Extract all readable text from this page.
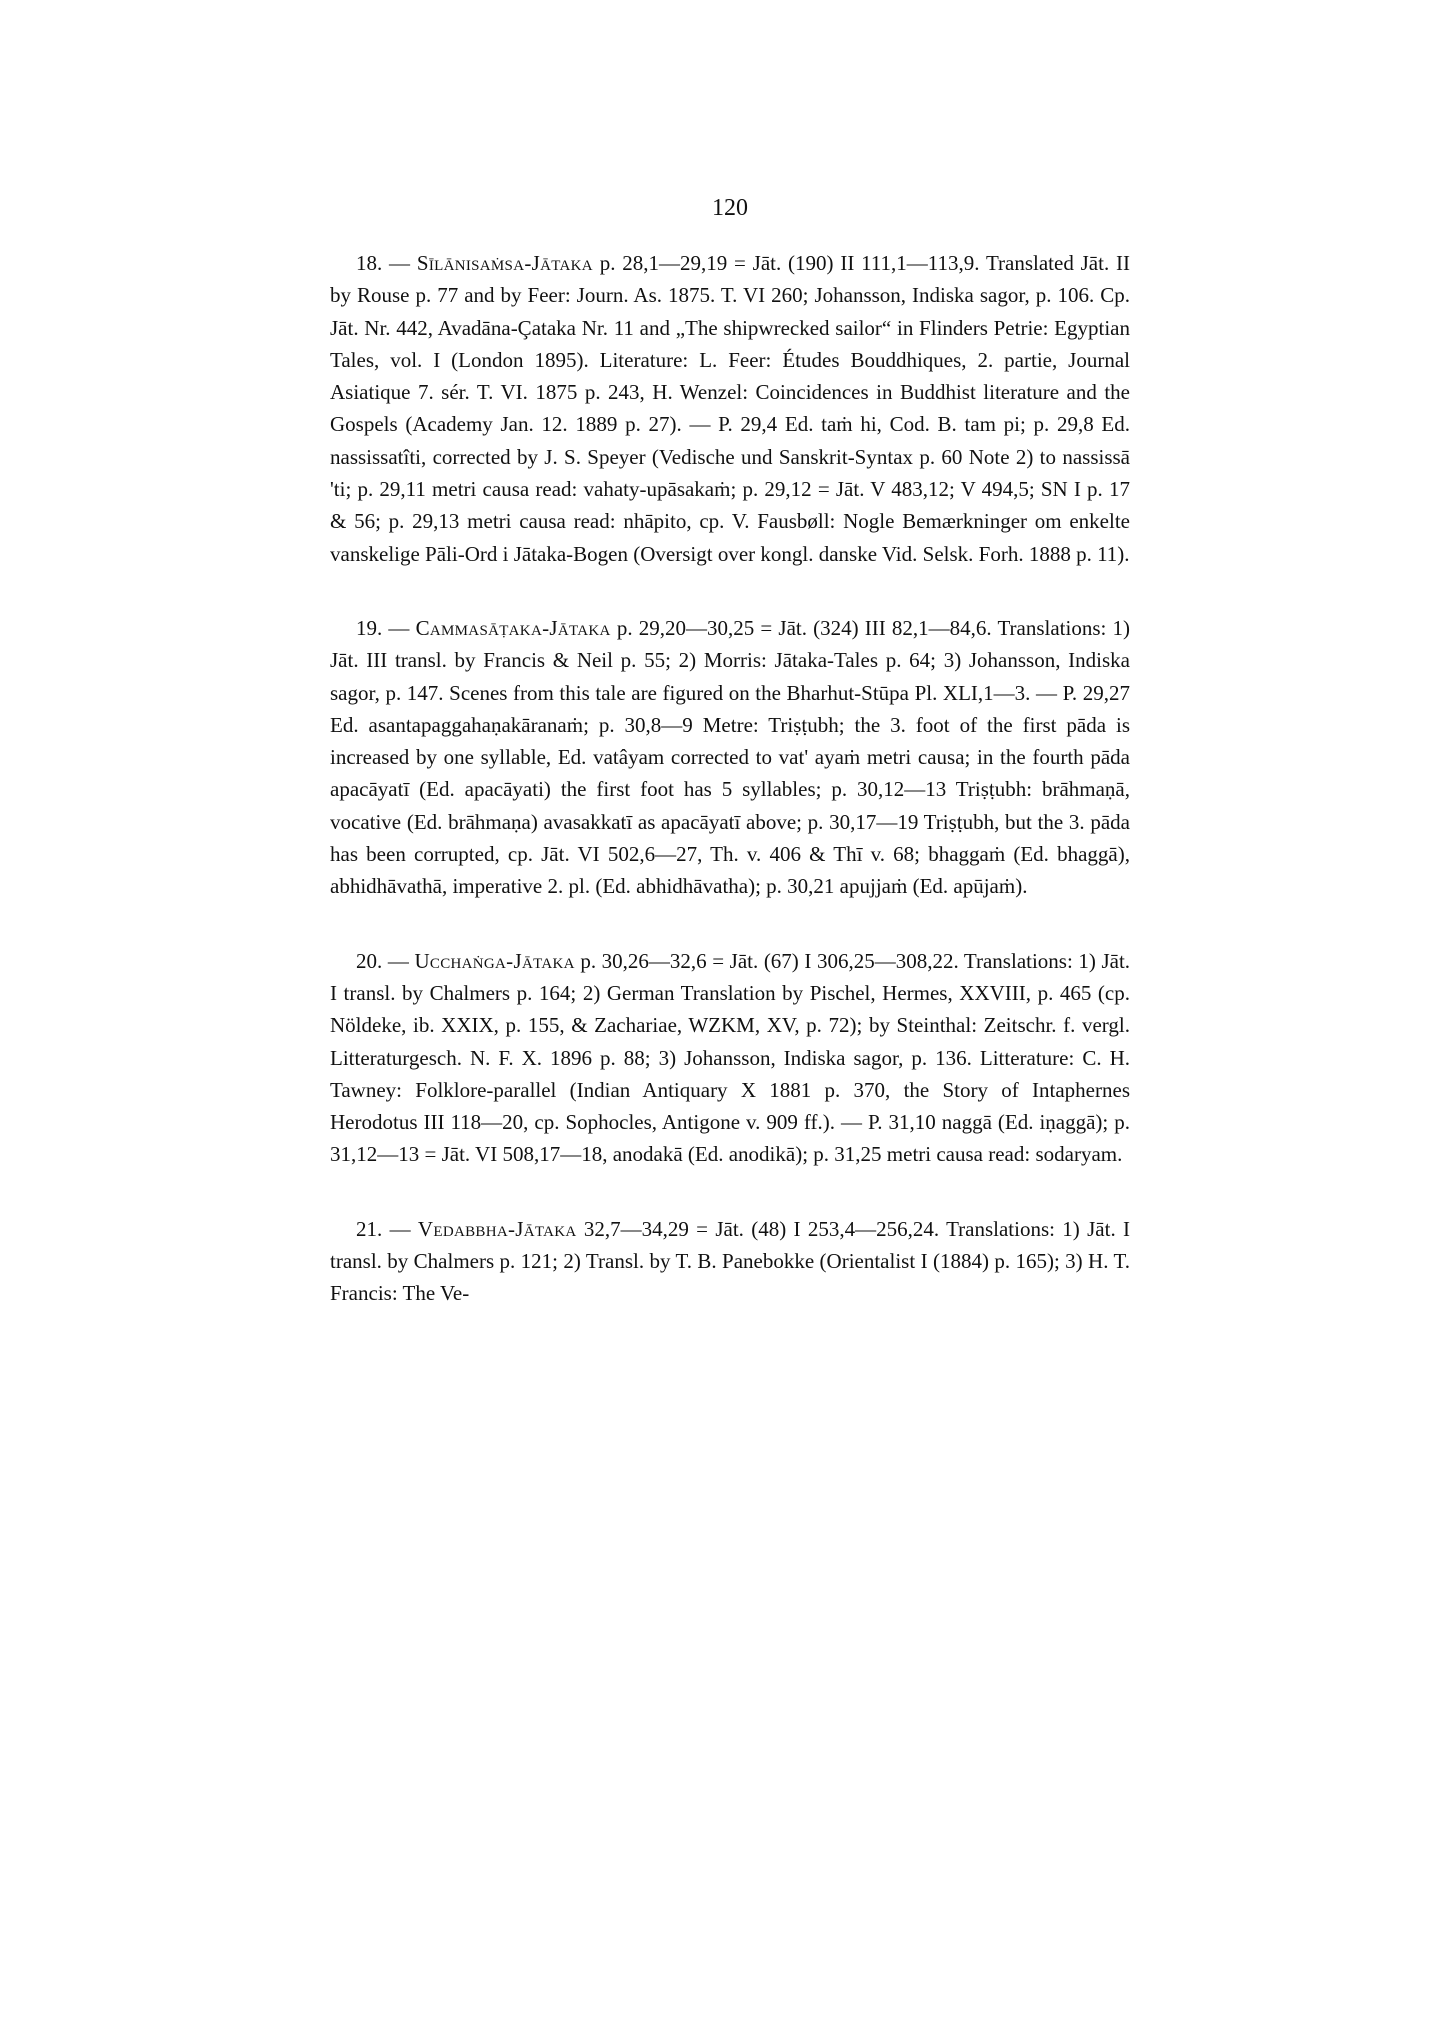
120

18. — Sīlānisaṁsa-Jātaka p. 28,1—29,19 = Jāt. (190) II 111,1—113,9. Translated Jāt. II by Rouse p. 77 and by Feer: Journ. As. 1875. T. VI 260; Johansson, Indiska sagor, p. 106. Cp. Jāt. Nr. 442, Avadāna-Çataka Nr. 11 and „The shipwrecked sailor“ in Flinders Petrie: Egyptian Tales, vol. I (London 1895). Literature: L. Feer: Études Bouddhiques, 2. partie, Journal Asiatique 7. sér. T. VI. 1875 p. 243, H. Wenzel: Coincidences in Buddhist literature and the Gospels (Academy Jan. 12. 1889 p. 27). — P. 29,4 Ed. taṁ hi, Cod. B. tam pi; p. 29,8 Ed. nassissatîti, corrected by J. S. Speyer (Vedische und Sanskrit-Syntax p. 60 Note 2) to nassissā 'ti; p. 29,11 metri causa read: vahaty-upāsakaṁ; p. 29,12 = Jāt. V 483,12; V 494,5; SN I p. 17 & 56; p. 29,13 metri causa read: nhāpito, cp. V. Fausbøll: Nogle Bemærkninger om enkelte vanskelige Pāli-Ord i Jātaka-Bogen (Oversigt over kongl. danske Vid. Selsk. Forh. 1888 p. 11).

19. — Cammasāṭaka-Jātaka p. 29,20—30,25 = Jāt. (324) III 82,1—84,6. Translations: 1) Jāt. III transl. by Francis & Neil p. 55; 2) Morris: Jātaka-Tales p. 64; 3) Johansson, Indiska sagor, p. 147. Scenes from this tale are figured on the Bharhut-Stūpa Pl. XLI,1—3. — P. 29,27 Ed. asantapaggahaṇakāranaṁ; p. 30,8—9 Metre: Triṣṭubh; the 3. foot of the first pāda is increased by one syllable, Ed. vatâyam corrected to vat' ayaṁ metri causa; in the fourth pāda apacāyatī (Ed. apacāyati) the first foot has 5 syllables; p. 30,12—13 Triṣṭubh: brāhmaṇā, vocative (Ed. brāhmaṇa) avasakkatī as apacāyatī above; p. 30,17—19 Triṣṭubh, but the 3. pāda has been corrupted, cp. Jāt. VI 502,6—27, Th. v. 406 & Thī v. 68; bhaggaṁ (Ed. bhaggā), abhidhāvathā, imperative 2. pl. (Ed. abhidhāvatha); p. 30,21 apujjaṁ (Ed. apūjaṁ).

20. — Ucchaṅga-Jātaka p. 30,26—32,6 = Jāt. (67) I 306,25—308,22. Translations: 1) Jāt. I transl. by Chalmers p. 164; 2) German Translation by Pischel, Hermes, XXVIII, p. 465 (cp. Nöldeke, ib. XXIX, p. 155, & Zachariae, WZKM, XV, p. 72); by Steinthal: Zeitschr. f. vergl. Litteraturgesch. N. F. X. 1896 p. 88; 3) Johansson, Indiska sagor, p. 136. Litterature: C. H. Tawney: Folklore-parallel (Indian Antiquary X 1881 p. 370, the Story of Intaphernes Herodotus III 118—20, cp. Sophocles, Antigone v. 909 ff.). — P. 31,10 naggā (Ed. iṇaggā); p. 31,12—13 = Jāt. VI 508,17—18, anodakā (Ed. anodikā); p. 31,25 metri causa read: sodaryam.

21. — Vedabbha-Jātaka 32,7—34,29 = Jāt. (48) I 253,4—256,24. Translations: 1) Jāt. I transl. by Chalmers p. 121; 2) Transl. by T. B. Panebokke (Orientalist I (1884) p. 165); 3) H. T. Francis: The Ve-
